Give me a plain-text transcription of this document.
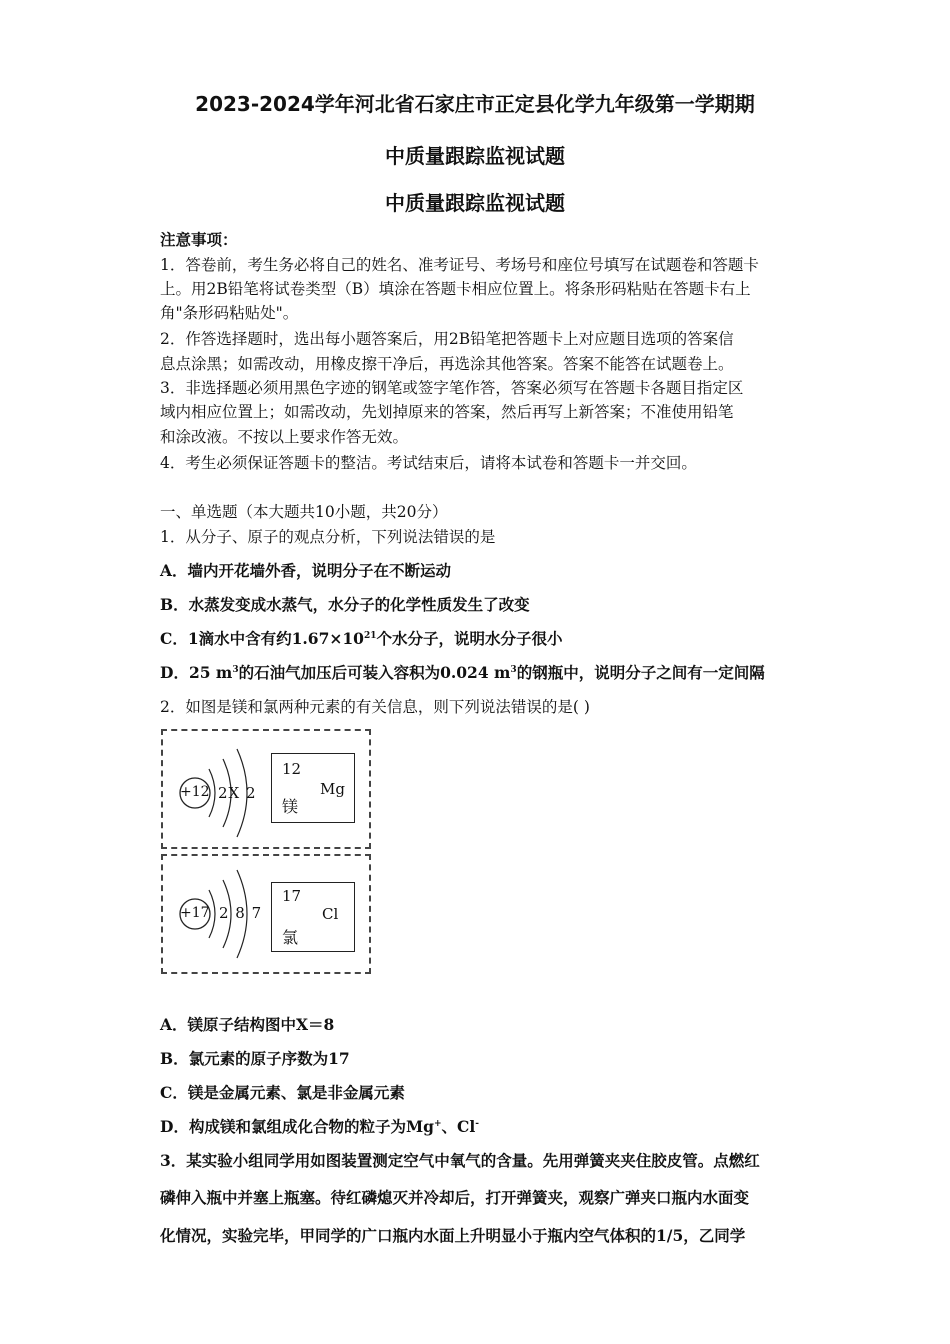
2023-2024学年河北省石家庄市正定县化学九年级第一学期期
中质量跟踪监视试题
中质量跟踪监视试题
注意事项：
1．答卷前，考生务必将自己的姓名、准考证号、考场号和座位号填写在试题卷和答题卡
上。用2B铅笔将试卷类型（B）填涂在答题卡相应位置上。将条形码粘贴在答题卡右上
角"条形码粘贴处"。
2．作答选择题时，选出每小题答案后，用2B铅笔把答题卡上对应题目选项的答案信
息点涂黑；如需改动，用橡皮擦干净后，再选涂其他答案。答案不能答在试题卷上。
3．非选择题必须用黑色字迹的钢笔或签字笔作答，答案必须写在答题卡各题目指定区
域内相应位置上；如需改动，先划掉原来的答案，然后再写上新答案；不准使用铅笔
和涂改液。不按以上要求作答无效。
4．考生必须保证答题卡的整洁。考试结束后，请将本试卷和答题卡一并交回。
一、单选题（本大题共10小题，共20分）
1．从分子、原子的观点分析，下列说法错误的是
A．墙内开花墙外香，说明分子在不断运动
B．水蒸发变成水蒸气，水分子的化学性质发生了改变
C．1滴水中含有约$1.67\times 10^{21}$个水分子，说明水分子很小
D．25 $m^3$的石油气加压后可装入容积为0.024 $m^3$的钢瓶中，说明分子之间有一定间隔
2．如图是镁和氯两种元素的有关信息，则下列说法错误的是( )
+12 2X 2
12
Mg
镁
+17 2 8 7
17
Cl
氯
A．镁原子结构图中X＝8
B．氯元素的原子序数为17
C．镁是金属元素、氯是非金属元素
D．构成镁和氯组成化合物的粒子为Mg+、Cl-
3．某实验小组同学用如图装置测定空气中氧气的含量。先用弹簧夹夹住胶皮管。点燃红
磷伸入瓶中并塞上瓶塞。待红磷熄灭并冷却后，打开弹簧夹，观察广弹夹口瓶内水面变
化情况，实验完毕，甲同学的广口瓶内水面上升明显小于瓶内空气体积的1/5，乙同学
